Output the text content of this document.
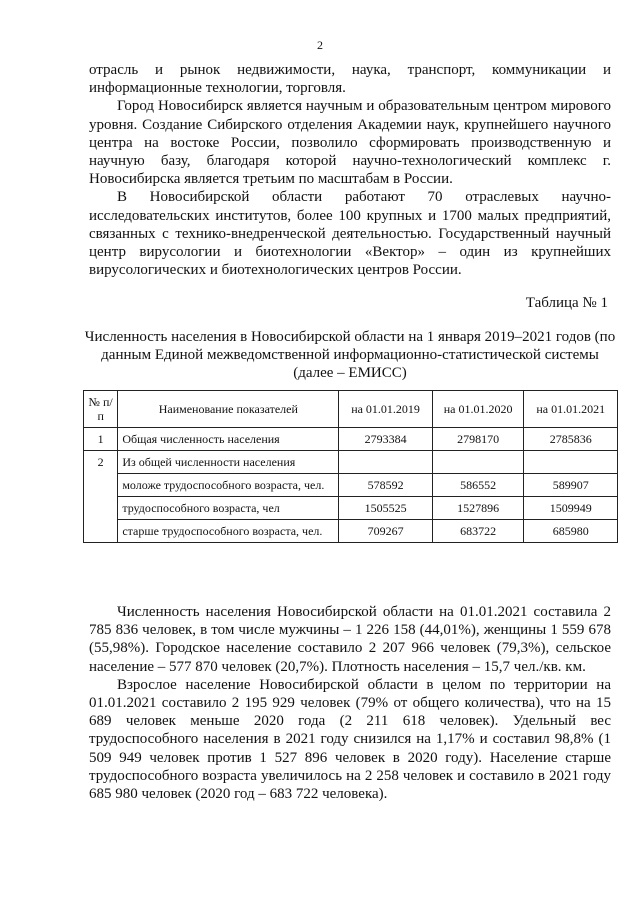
2
отрасль и рынок недвижимости, наука, транспорт, коммуникации и информационные технологии, торговля.
Город Новосибирск является научным и образовательным центром мирового уровня. Создание Сибирского отделения Академии наук, крупнейшего научного центра на востоке России, позволило сформировать производственную и научную базу, благодаря которой научно-технологический комплекс г. Новосибирска является третьим по масштабам в России.
В Новосибирской области работают 70 отраслевых научно-исследовательских институтов, более 100 крупных и 1700 малых предприятий, связанных с технико-внедренческой деятельностью. Государственный научный центр вирусологии и биотехнологии «Вектор» – один из крупнейших вирусологических и биотехнологических центров России.
Таблица № 1
Численность населения в Новосибирской области на 1 января 2019–2021 годов (по данным Единой межведомственной информационно-статистической системы (далее – ЕМИСС)
№ п/п	Наименование показателей	на 01.01.2019	на 01.01.2020	на 01.01.2021
1	Общая численность населения	2793384	2798170	2785836
2	Из общей численности населения			
	моложе трудоспособного возраста, чел.	578592	586552	589907
	трудоспособного возраста, чел	1505525	1527896	1509949
	старше трудоспособного возраста, чел.	709267	683722	685980
Численность населения Новосибирской области на 01.01.2021 составила 2 785 836 человек, в том числе мужчины – 1 226 158 (44,01%), женщины 1 559 678 (55,98%). Городское население составило 2 207 966 человек (79,3%), сельское население – 577 870 человек (20,7%). Плотность населения – 15,7 чел./кв. км.
Взрослое население Новосибирской области в целом по территории на 01.01.2021 составило 2 195 929 человек (79% от общего количества), что на 15 689 человек меньше 2020 года (2 211 618 человек). Удельный вес трудоспособного населения в 2021 году снизился на 1,17% и составил 98,8% (1 509 949 человек против 1 527 896 человек в 2020 году). Население старше трудоспособного возраста увеличилось на 2 258 человек и составило в 2021 году 685 980 человек (2020 год – 683 722 человека).
